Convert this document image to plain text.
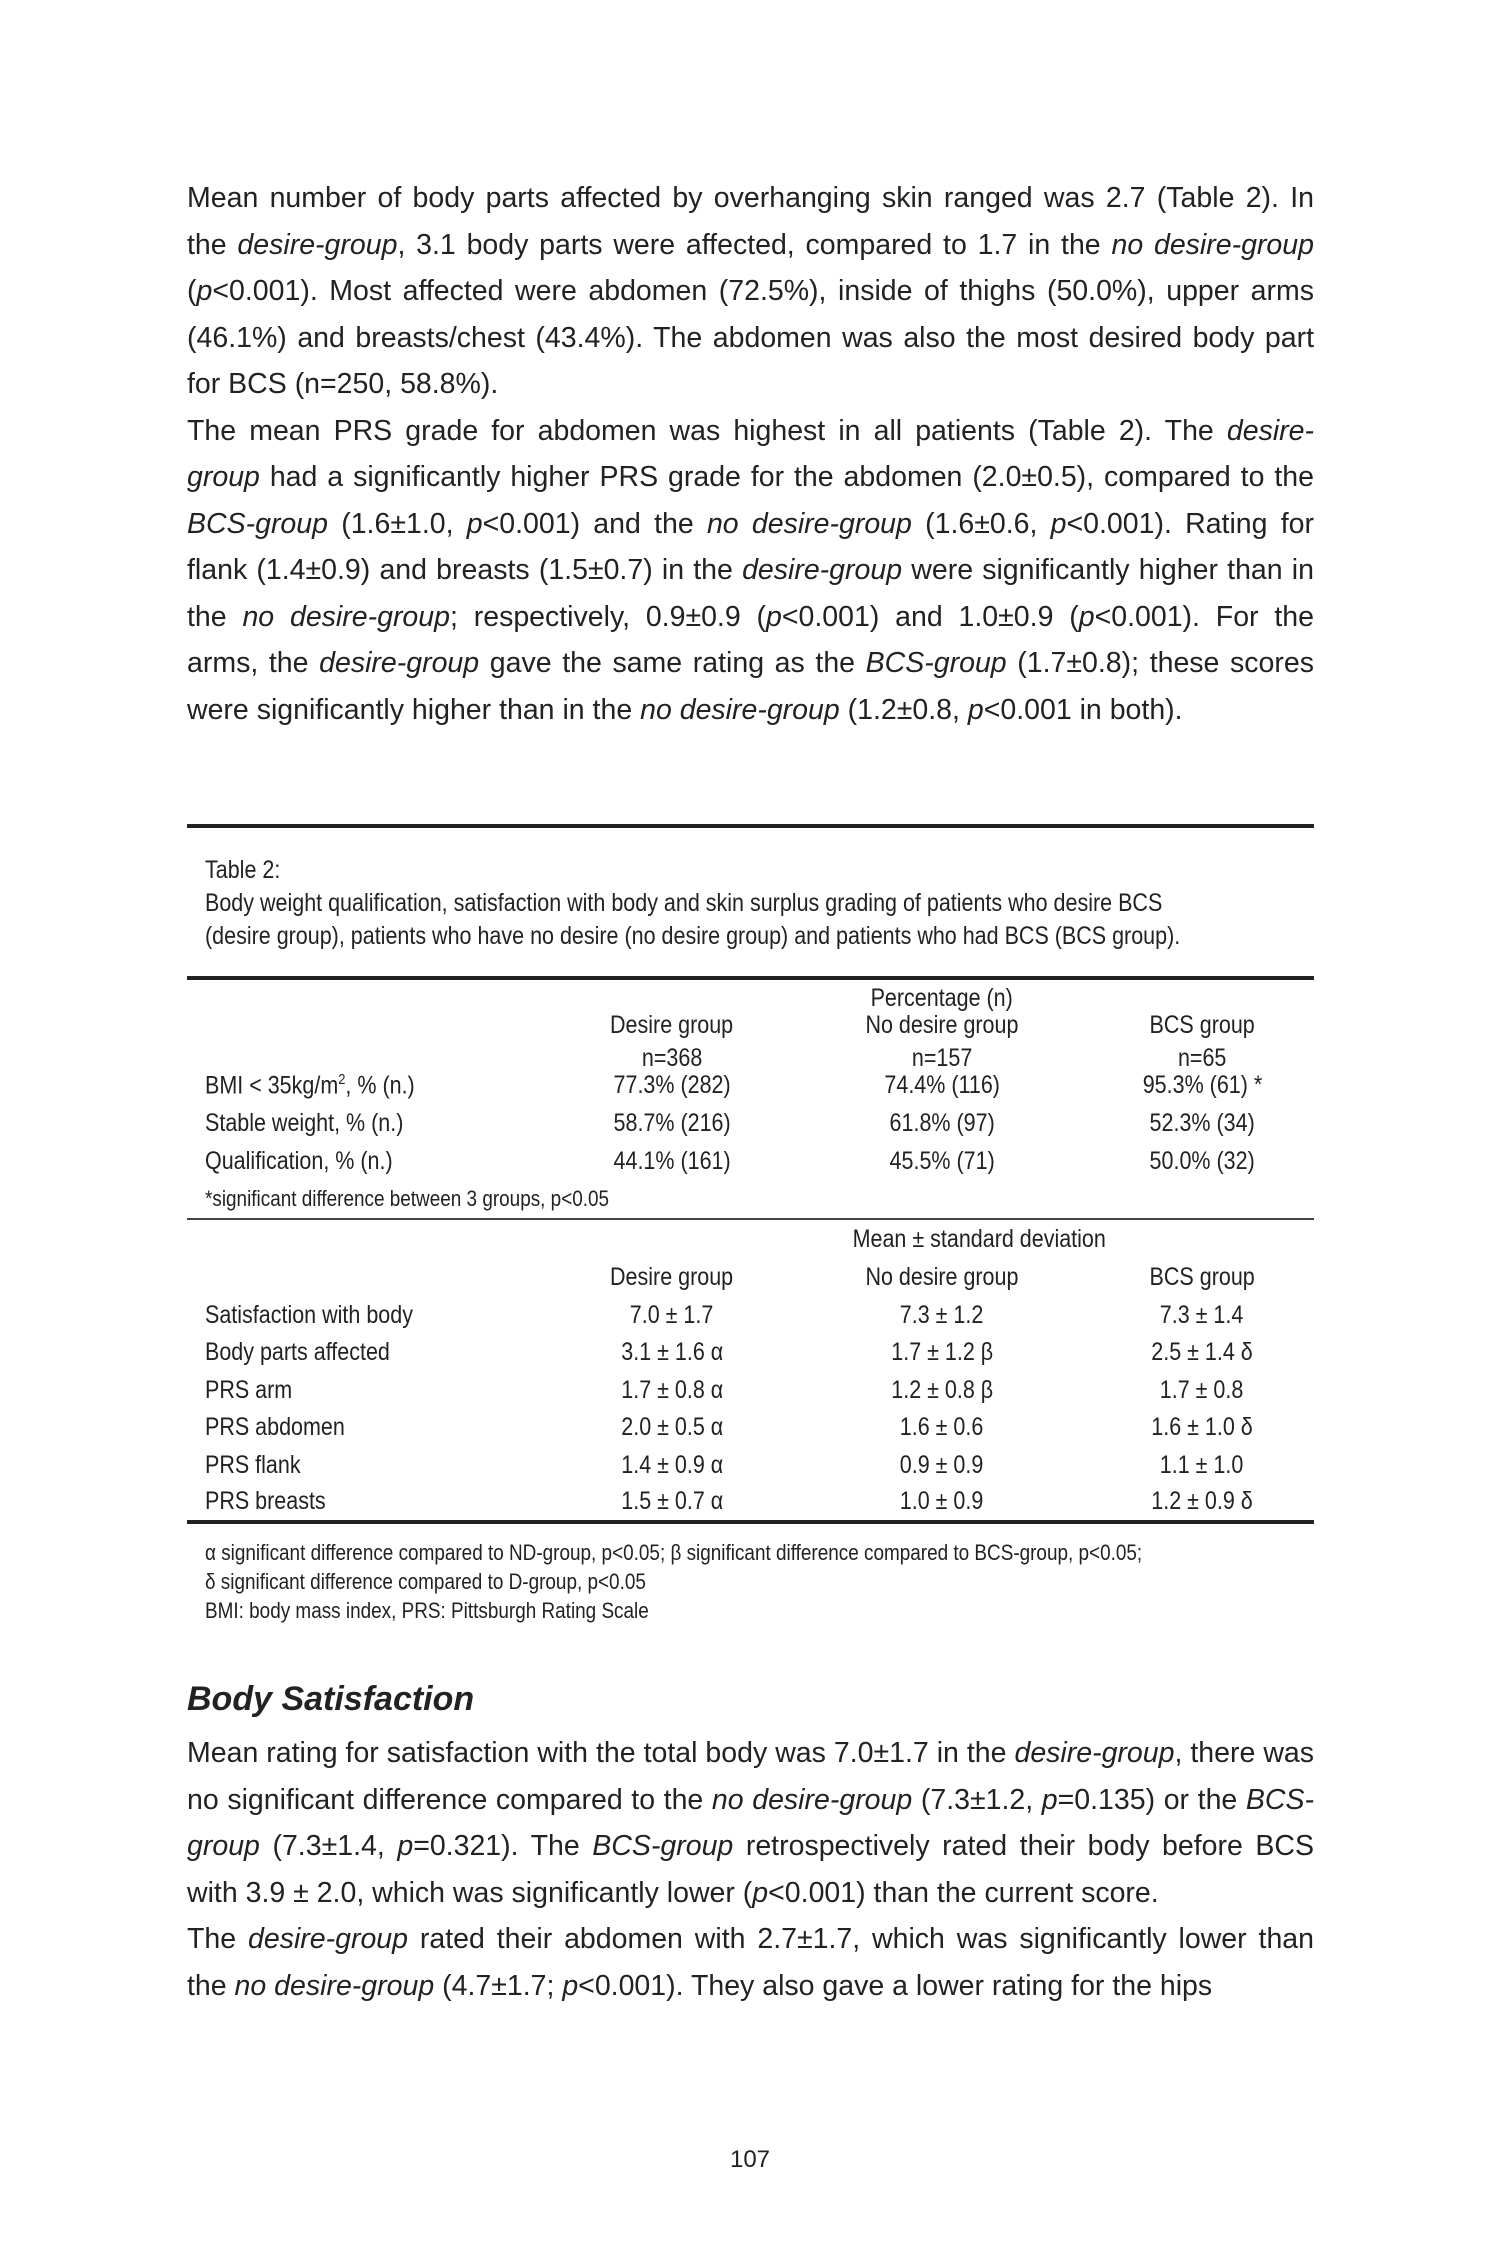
Mean number of body parts affected by overhanging skin ranged was 2.7 (Table 2). In the desire-group, 3.1 body parts were affected, compared to 1.7 in the no desire-group (p<0.001). Most affected were abdomen (72.5%), inside of thighs (50.0%), upper arms (46.1%) and breasts/chest (43.4%). The abdomen was also the most desired body part for BCS (n=250, 58.8%).

The mean PRS grade for abdomen was highest in all patients (Table 2). The desire-group had a significantly higher PRS grade for the abdomen (2.0±0.5), compared to the BCS-group (1.6±1.0, p<0.001) and the no desire-group (1.6±0.6, p<0.001). Rating for flank (1.4±0.9) and breasts (1.5±0.7) in the desire-group were significantly higher than in the no desire-group; respectively, 0.9±0.9 (p<0.001) and 1.0±0.9 (p<0.001). For the arms, the desire-group gave the same rating as the BCS-group (1.7±0.8); these scores were significantly higher than in the no desire-group (1.2±0.8, p<0.001 in both).

Table 2:
Body weight qualification, satisfaction with body and skin surplus grading of patients who desire BCS
(desire group), patients who have no desire (no desire group) and patients who had BCS (BCS group).
Percentage (n)
Desire group	No desire group	BCS group
n=368	n=157	n=65
BMI < $35kg/m^2$, % (n.)	77.3% (282)	74.4% (116)	95.3% (61) *
Stable weight, % (n.)	58.7% (216)	61.8% (97)	52.3% (34)
Qualification, % (n.)	44.1% (161)	45.5% (71)	50.0% (32)
*significant difference between 3 groups, p<0.05
Mean ± standard deviation
Desire group	No desire group	BCS group
Satisfaction with body	7.0 ± 1.7	7.3 ± 1.2	7.3 ± 1.4
Body parts affected	3.1 ± 1.6 α	1.7 ± 1.2 β	2.5 ± 1.4 δ
PRS arm	1.7 ± 0.8 α	1.2 ± 0.8 β	1.7 ± 0.8
PRS abdomen	2.0 ± 0.5 α	1.6 ± 0.6	1.6 ± 1.0 δ
PRS flank	1.4 ± 0.9 α	0.9 ± 0.9	1.1 ± 1.0
PRS breasts	1.5 ± 0.7 α	1.0 ± 0.9	1.2 ± 0.9 δ
α significant difference compared to ND-group, p<0.05; β significant difference compared to BCS-group, p<0.05;
δ significant difference compared to D-group, p<0.05
BMI: body mass index, PRS: Pittsburgh Rating Scale
Body Satisfaction

Mean rating for satisfaction with the total body was 7.0±1.7 in the desire-group, there was no significant difference compared to the no desire-group (7.3±1.2, p=0.135) or the BCS-group (7.3±1.4, p=0.321). The BCS-group retrospectively rated their body before BCS with 3.9 ± 2.0, which was significantly lower (p<0.001) than the current score.

The desire-group rated their abdomen with 2.7±1.7, which was significantly lower than the no desire-group (4.7±1.7; p<0.001). They also gave a lower rating for the hips

107
